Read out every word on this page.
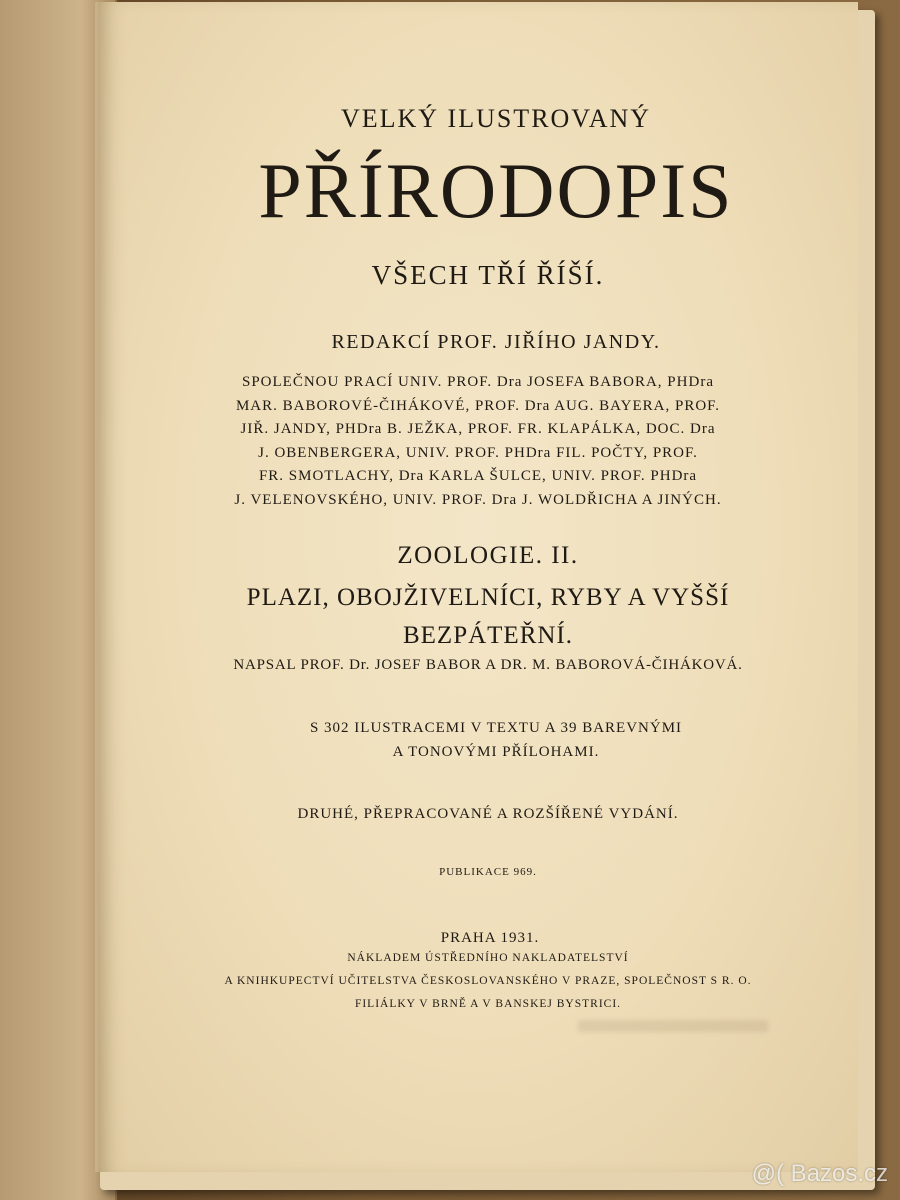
VELKÝ ILUSTROVANÝ
PŘÍRODOPIS
VŠECH TŘÍ ŘÍŠÍ.
REDAKCÍ PROF. JIŘÍHO JANDY.
SPOLEČNOU PRACÍ UNIV. PROF. Dra JOSEFA BABORA, PHDra
MAR. BABOROVÉ-ČIHÁKOVÉ, PROF. Dra AUG. BAYERA, PROF.
JIŘ. JANDY, PHDra B. JEŽKA, PROF. FR. KLAPÁLKA, DOC. Dra
J. OBENBERGERA, UNIV. PROF. PHDra FIL. POČTY, PROF.
FR. SMOTLACHY, Dra KARLA ŠULCE, UNIV. PROF. PHDra
J. VELENOVSKÉHO, UNIV. PROF. Dra J. WOLDŘICHA A JINÝCH.
ZOOLOGIE. II.
PLAZI, OBOJŽIVELNÍCI, RYBY A VYŠŠÍ
BEZPÁTEŘNÍ.
NAPSAL PROF. Dr. JOSEF BABOR A DR. M. BABOROVÁ-ČIHÁKOVÁ.
S 302 ILUSTRACEMI V TEXTU A 39 BAREVNÝMI
A TONOVÝMI PŘÍLOHAMI.
DRUHÉ, PŘEPRACOVANÉ A ROZŠÍŘENÉ VYDÁNÍ.
PUBLIKACE 969.
PRAHA 1931.
NÁKLADEM ÚSTŘEDNÍHO NAKLADATELSTVÍ
A KNIHKUPECTVÍ UČITELSTVA ČESKOSLOVANSKÉHO V PRAZE, SPOLEČNOST S R. O.
FILIÁLKY V BRNĚ A V BANSKEJ BYSTRICI.
@( Bazos.cz
